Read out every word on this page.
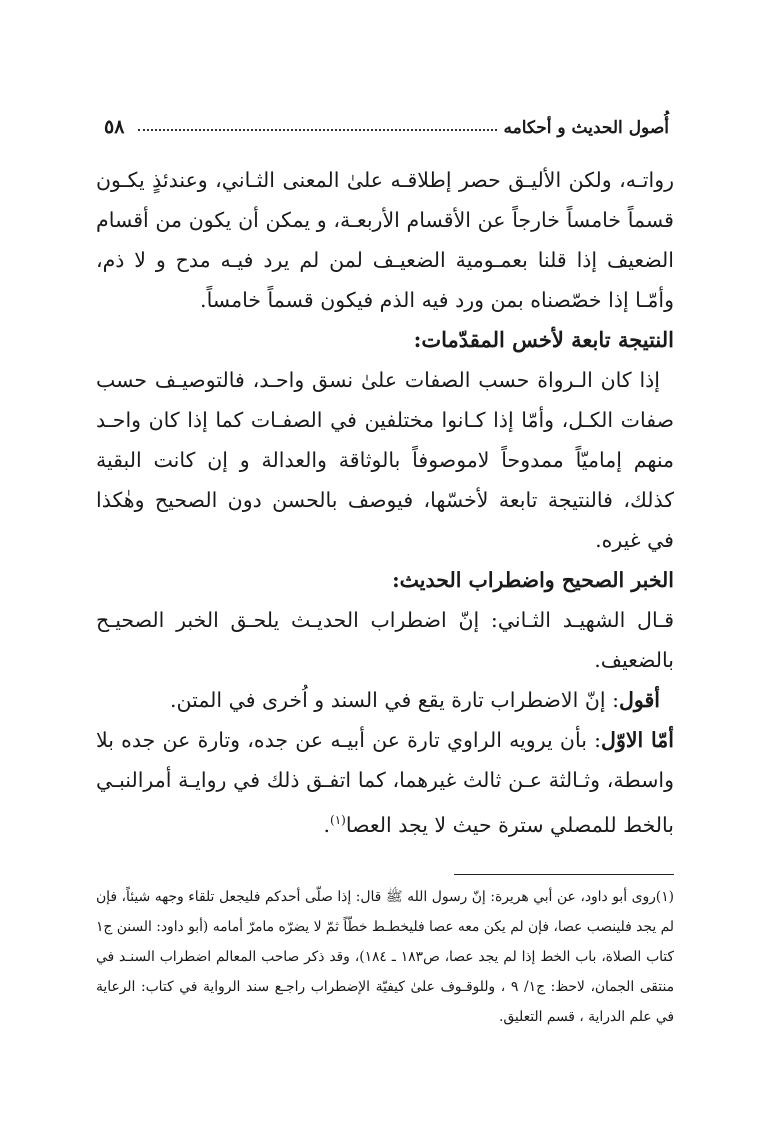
٥٨	أُصول الحديث و أحكامه

رواتـه، ولكن الأليـق حصر إطلاقـه علىٰ المعنى الثـاني، وعندئذٍ يكـون قسماً خامساً خارجاً عن الأقسام الأربعـة، و يمكن أن يكون من أقسام الضعيف إذا قلنا بعمـومية الضعيـف لمن لم يرد فيـه مدح و لا ذم، وأمّـا إذا خصّصناه بمن ورد فيه الذم فيكون قسماً خامساً.

النتيجة تابعة لأخس المقدّمات:

إذا كان الـرواة حسب الصفات علىٰ نسق واحـد، فالتوصيـف حسب صفات الكـل، وأمّا إذا كـانوا مختلفين في الصفـات كما إذا كان واحـد منهم إماميّاً ممدوحاً لاموصوفاً بالوثاقة والعدالة و إن كانت البقية كذلك، فالنتيجة تابعة لأخسّها، فيوصف بالحسن دون الصحيح وهٰكذا في غيره.

الخبر الصحيح واضطراب الحديث:

قـال الشهيـد الثـاني: إنّ اضطراب الحديـث يلحـق الخبر الصحيـح بالضعيف.

أقول: إنّ الاضطراب تارة يقع في السند و اُخرى في المتن.

أمّا الاوّل: بأن يرويه الراوي تارة عن أبيـه عن جده، وتارة عن جده بلا واسطة، وثـالثة عـن ثالث غيرهما، كما اتفـق ذلك في روايـة أمرالنبـي بالخط للمصلي سترة حيث لا يجد العصا$^{(١)}$.

(١)روى أبو داود، عن أبي هريرة: إنّ رسول الله ﷺ قال: إذا صلّى أحدكم فليجعل تلقاء وجهه شيئاً، فإن لم يجد فلينصب عصا، فإن لم يكن معه عصا فليخطـط خطّاً ثمّ لا يضرّه مامرّ أمامه (أبو داود: السنن ج١ كتاب الصلاة، باب الخط إذا لم يجد عصا، ص١٨٣ ـ ١٨٤)، وقد ذكر صاحب المعالم اضطراب السنـد في منتقى الجمان، لاحظ: ج١/ ٩ ، وللوقـوف علىٰ كيفيّة الإضطراب راجـع سند الرواية في كتاب: الرعاية في علم الدراية ، قسم التعليق.
